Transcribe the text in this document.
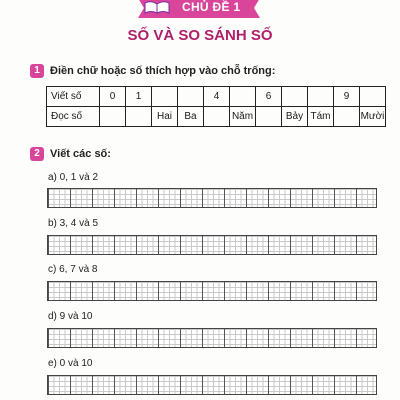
CHỦ ĐỀ 1
SỐ VÀ SO SÁNH SỐ
1 Điền chữ hoặc số thích hợp vào chỗ trống:
Viết số	0	1			4		6			9	
Đọc số			Hai	Ba		Năm		Bảy	Tám		Mười
2 Viết các số:
a) 0, 1 và 2
b) 3, 4 và 5
c) 6, 7 và 8
d) 9 và 10
e) 0 và 10
